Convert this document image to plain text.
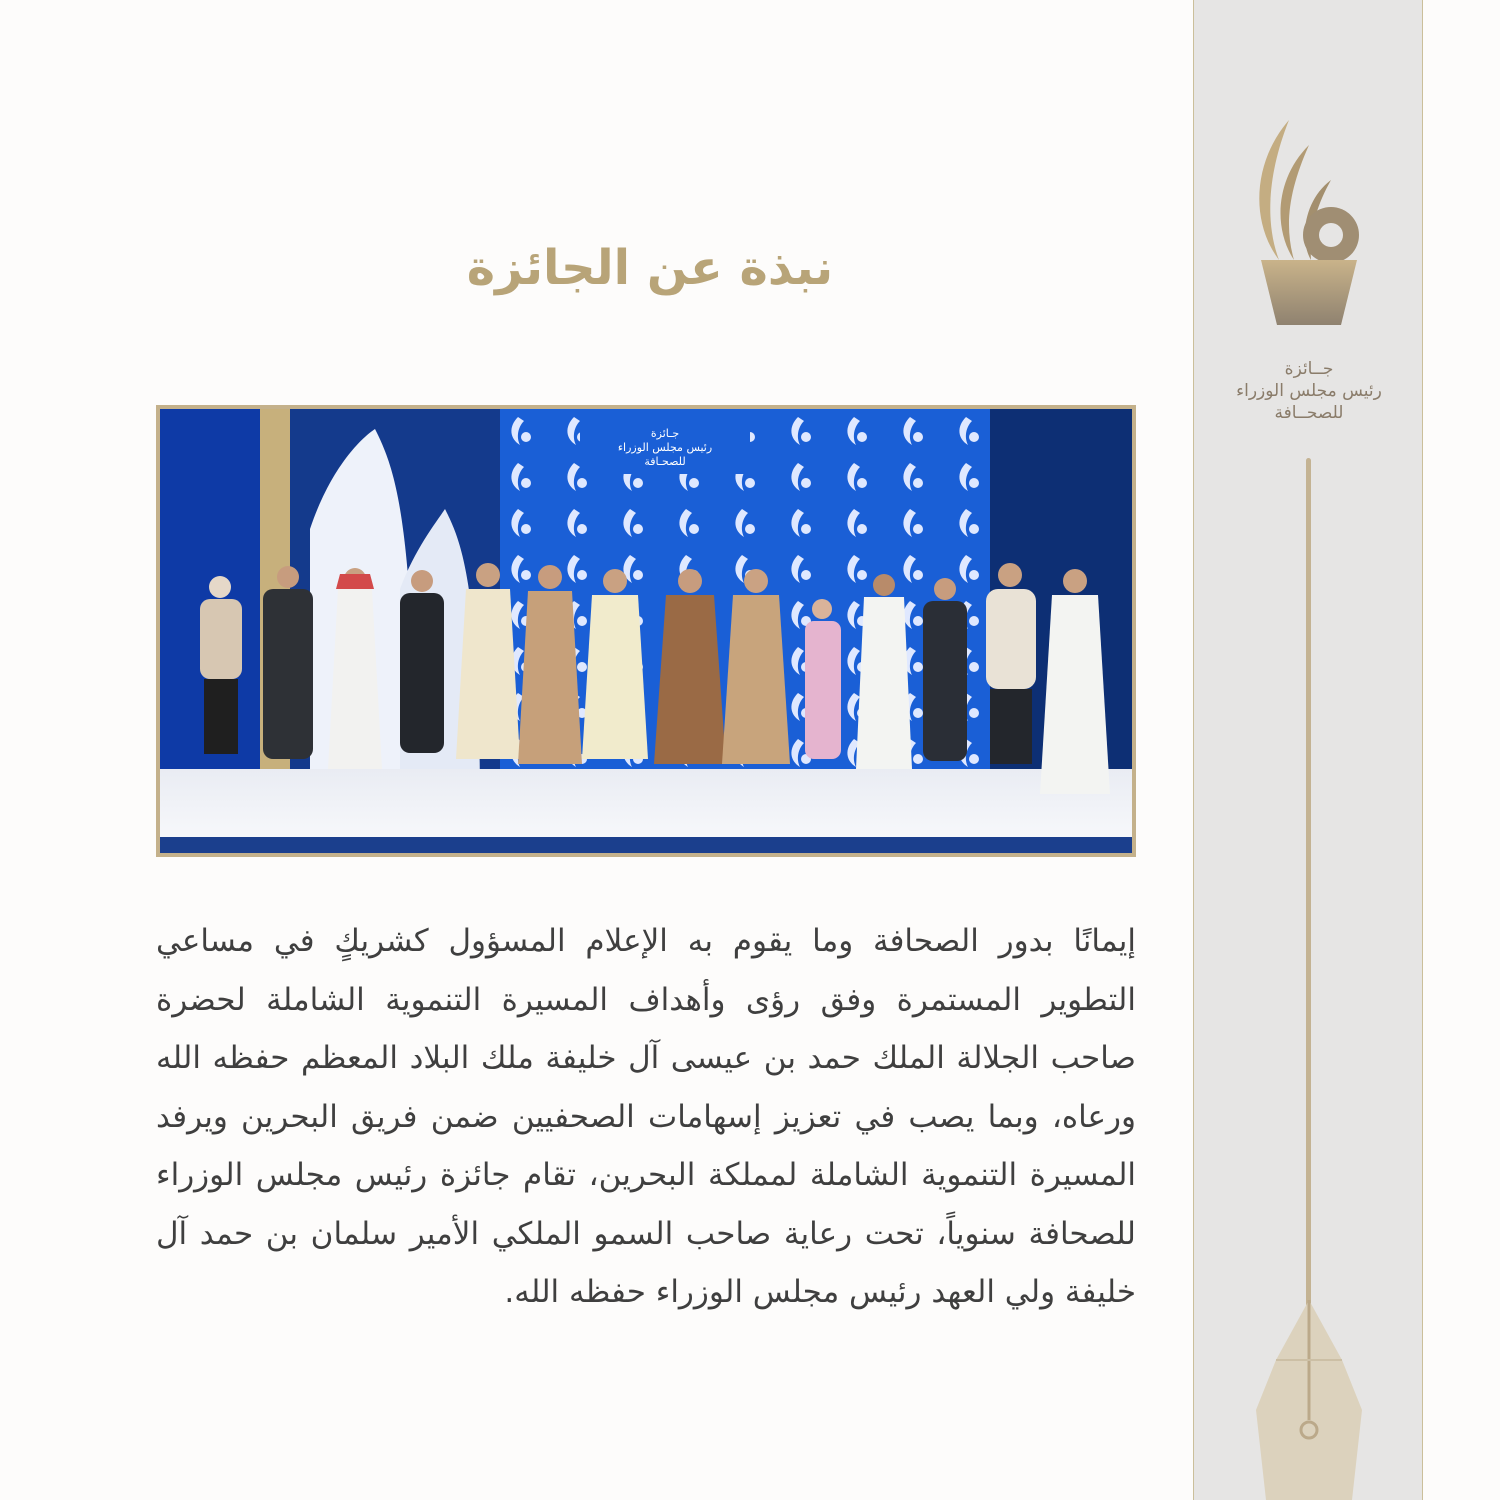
جــائزة
رئيس مجلس الوزراء
للصحــافة
نبذة عن الجائزة
جـائزة
رئيس مجلس الوزراء
للصحـافة
إيمانًا بدور الصحافة وما يقوم به الإعلام المسؤول كشريكٍ في مساعي
التطوير المستمرة وفق رؤى وأهداف المسيرة التنموية الشاملة لحضرة
صاحب الجلالة الملك حمد بن عيسى آل خليفة ملك البلاد المعظم حفظه الله
ورعاه، وبما يصب في تعزيز إسهامات الصحفيين ضمن فريق البحرين ويرفد
المسيرة التنموية الشاملة لمملكة البحرين، تقام جائزة رئيس مجلس الوزراء
للصحافة سنوياً، تحت رعاية صاحب السمو الملكي الأمير سلمان بن حمد آل
خليفة ولي العهد رئيس مجلس الوزراء حفظه الله.
